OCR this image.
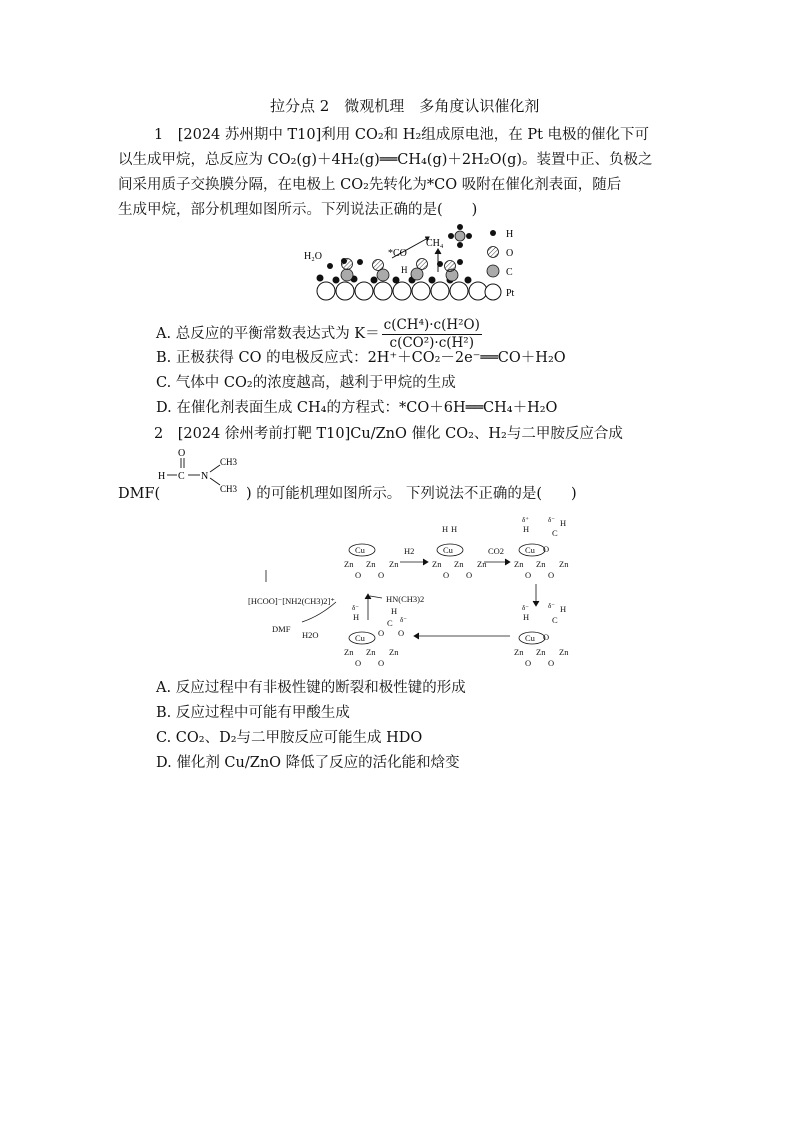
拉分点 2　微观机理　多角度认识催化剂
1　[2024 苏州期中 T10]利用 CO₂和 H₂组成原电池，在 Pt 电极的催化下可
以生成甲烷，总反应为 CO₂(g)＋4H₂(g)══CH₄(g)＋2H₂O(g)。装置中正、负极之
间采用质子交换膜分隔，在电极上 CO₂先转化为*CO 吸附在催化剂表面，随后
生成甲烷，部分机理如图所示。下列说法正确的是(　　)
H₂O	*CO
CH₄
H
H
O
C
Pt
A. 总反应的平衡常数表达式为 $K= \frac{\text{c(CH⁴)·c(H²O)}}{\text{c(CO²)·c(H²)}}$
B. 正极获得 CO 的电极反应式：2H⁺＋CO₂－2e⁻══CO＋H₂O
C. 气体中 CO₂的浓度越高，越利于甲烷的生成
D. 在催化剂表面生成 CH₄的方程式：*CO＋6H══CH₄＋H₂O
2　[2024 徐州考前打靶 T10]Cu/ZnO 催化 CO₂、H₂与二甲胺反应合成
O
H C N
CH3
CH3
DMF(	) 的可能机理如图所示。 下列说法不正确的是(　　)
Cu
Zn Zn Zn
O O
H H
Cu
Zn Zn Zn
O O
δ⁺
H
δ⁻ H
C
Cu O
Zn Zn Zn
O O
δ⁻
H
δ⁻ H
C
Cu O
Zn Zn Zn
O O
δ⁻
H
H
C δ⁻
Cu O O
Zn Zn Zn
O O
H2	CO2
[HCOO]⁻[NH2(CH3)2]⁺	HN(CH3)2
DMF
H2O
A. 反应过程中有非极性键的断裂和极性键的形成
B. 反应过程中可能有甲酸生成
C. CO₂、D₂与二甲胺反应可能生成 HDO
D. 催化剂 Cu/ZnO 降低了反应的活化能和焓变
